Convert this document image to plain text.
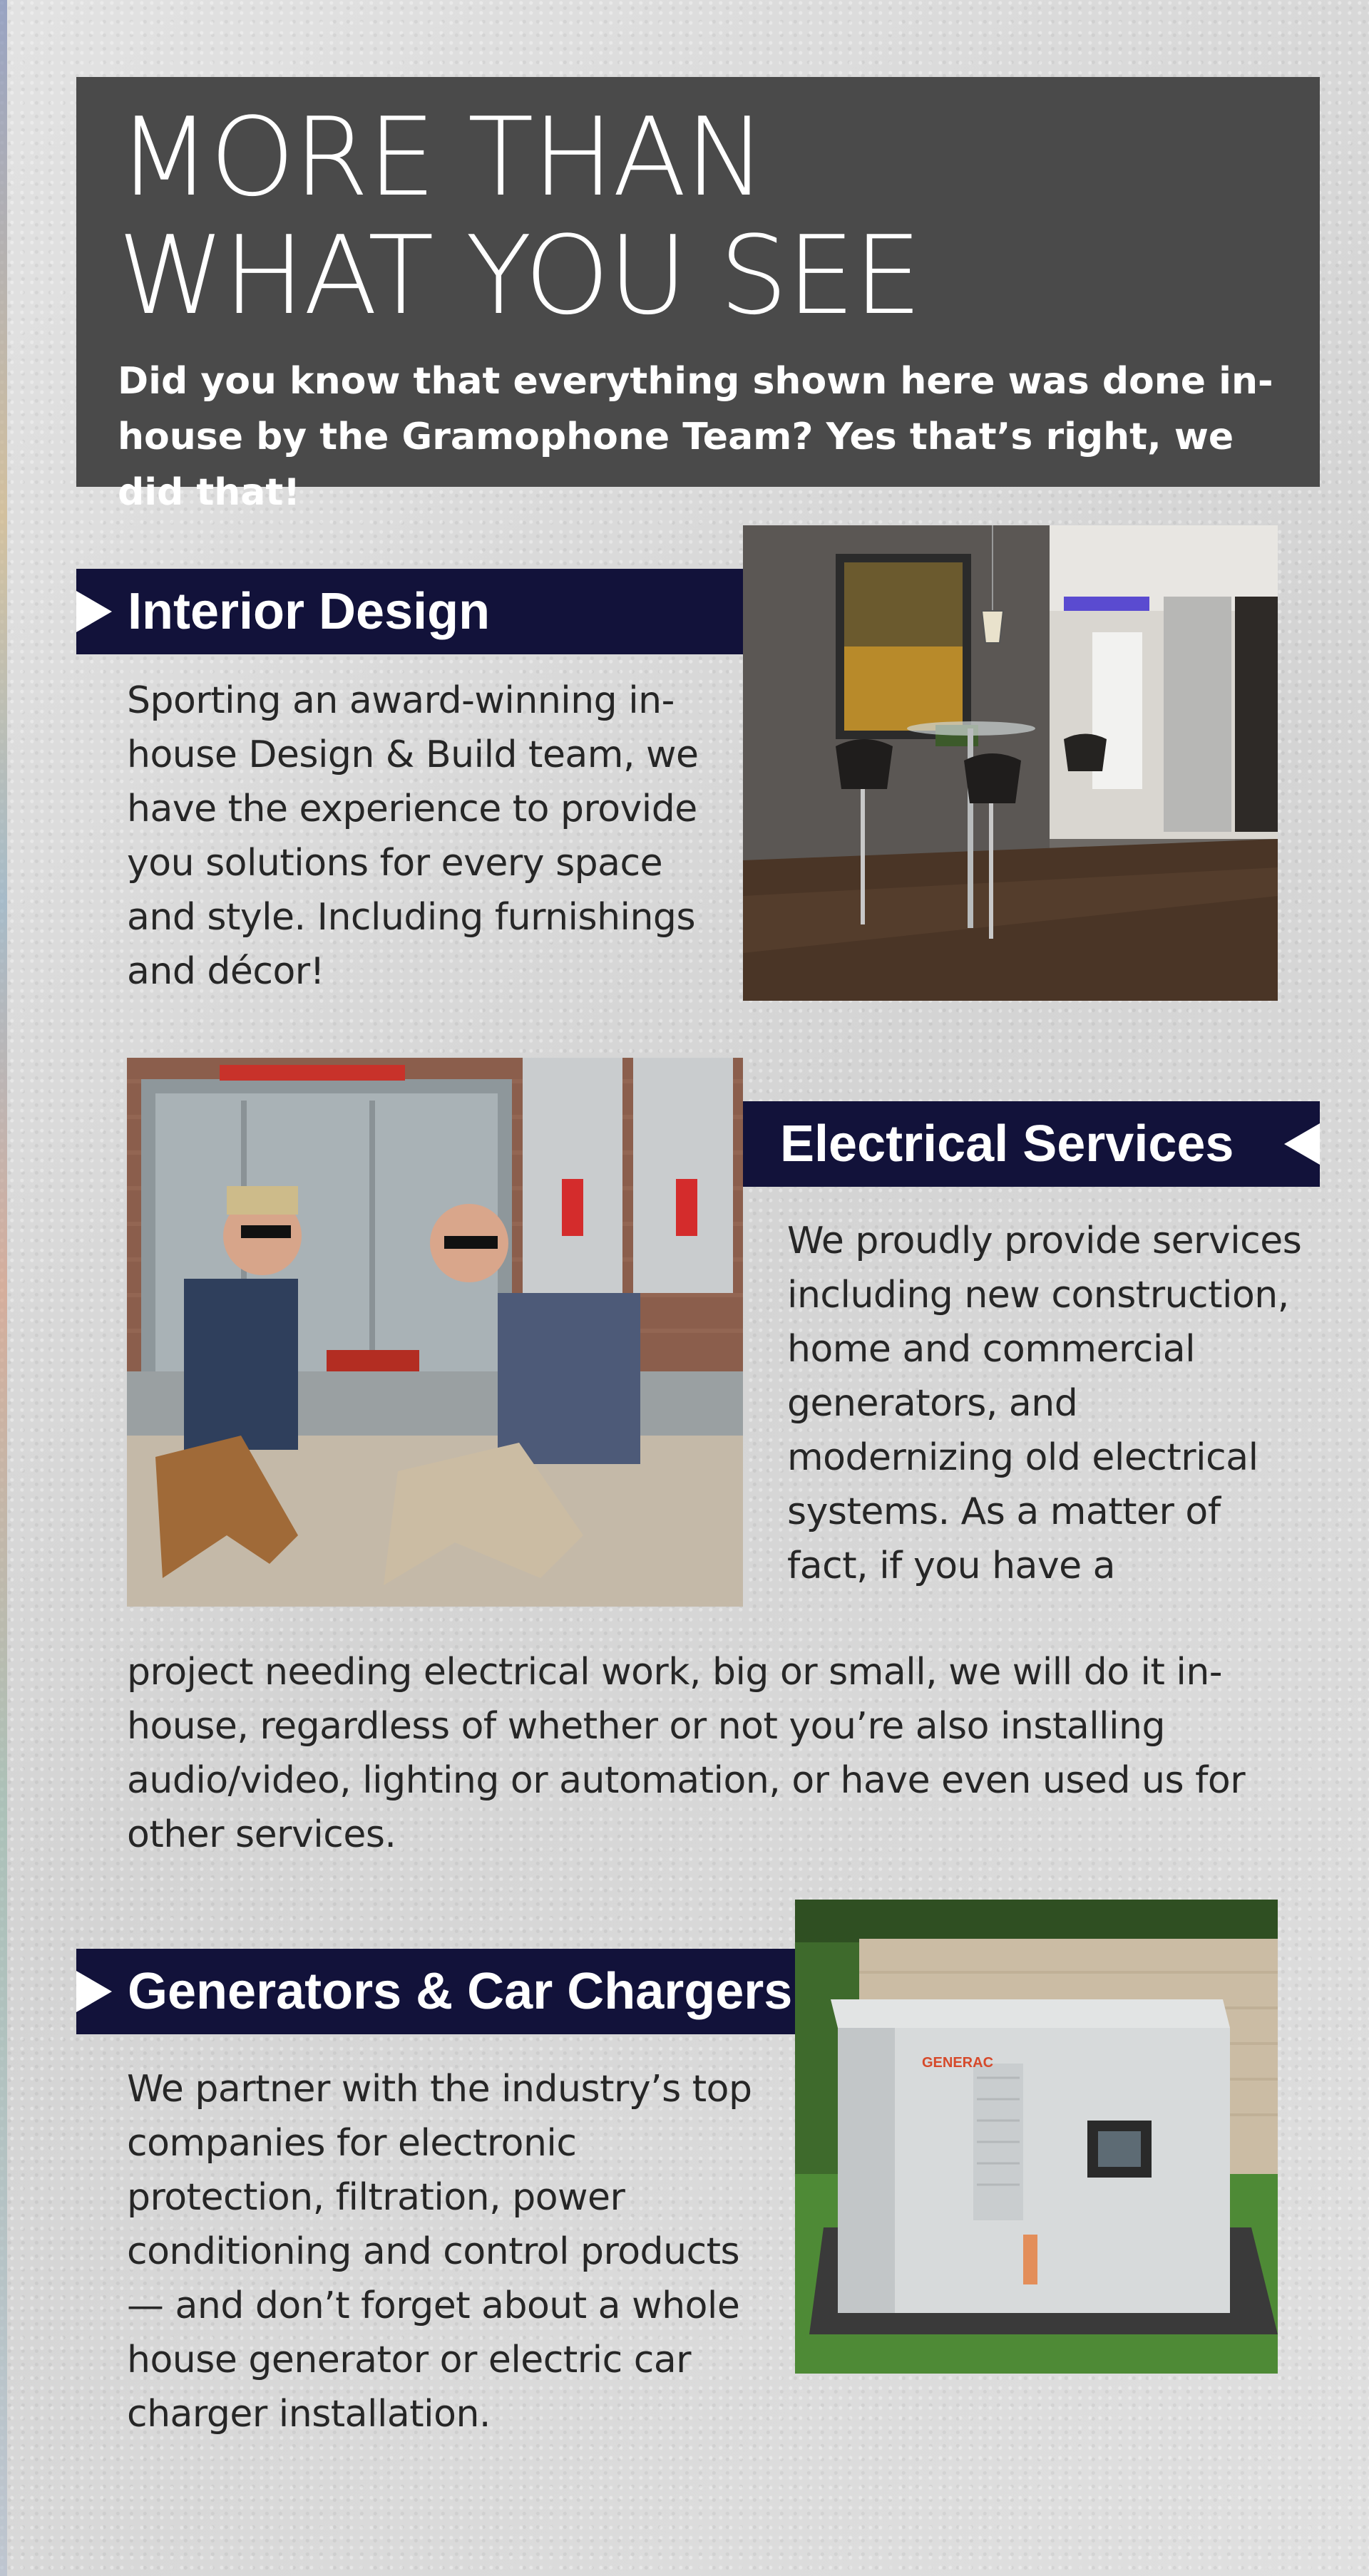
MORE THAN
WHAT YOU SEE
Did you know that everything shown here was done in-house by the Gramophone Team? Yes that’s right, we did that!
Interior Design
Sporting an award-winning in-house Design & Build team, we have the experience to provide you solutions for every space and style. Including furnishings and décor!
Electrical Services
We proudly provide services including new construction, home and commercial generators, and modernizing old electrical systems. As a matter of fact, if you have a
project needing electrical work, big or small, we will do it in-house, regardless of whether or not you’re also installing audio/video, lighting or automation, or have even used us for other services.
Generators & Car Chargers
GENERAC
We partner with the industry’s top companies for electronic protection, filtration, power conditioning and control products — and don’t forget about a whole house generator or electric car charger installation.
